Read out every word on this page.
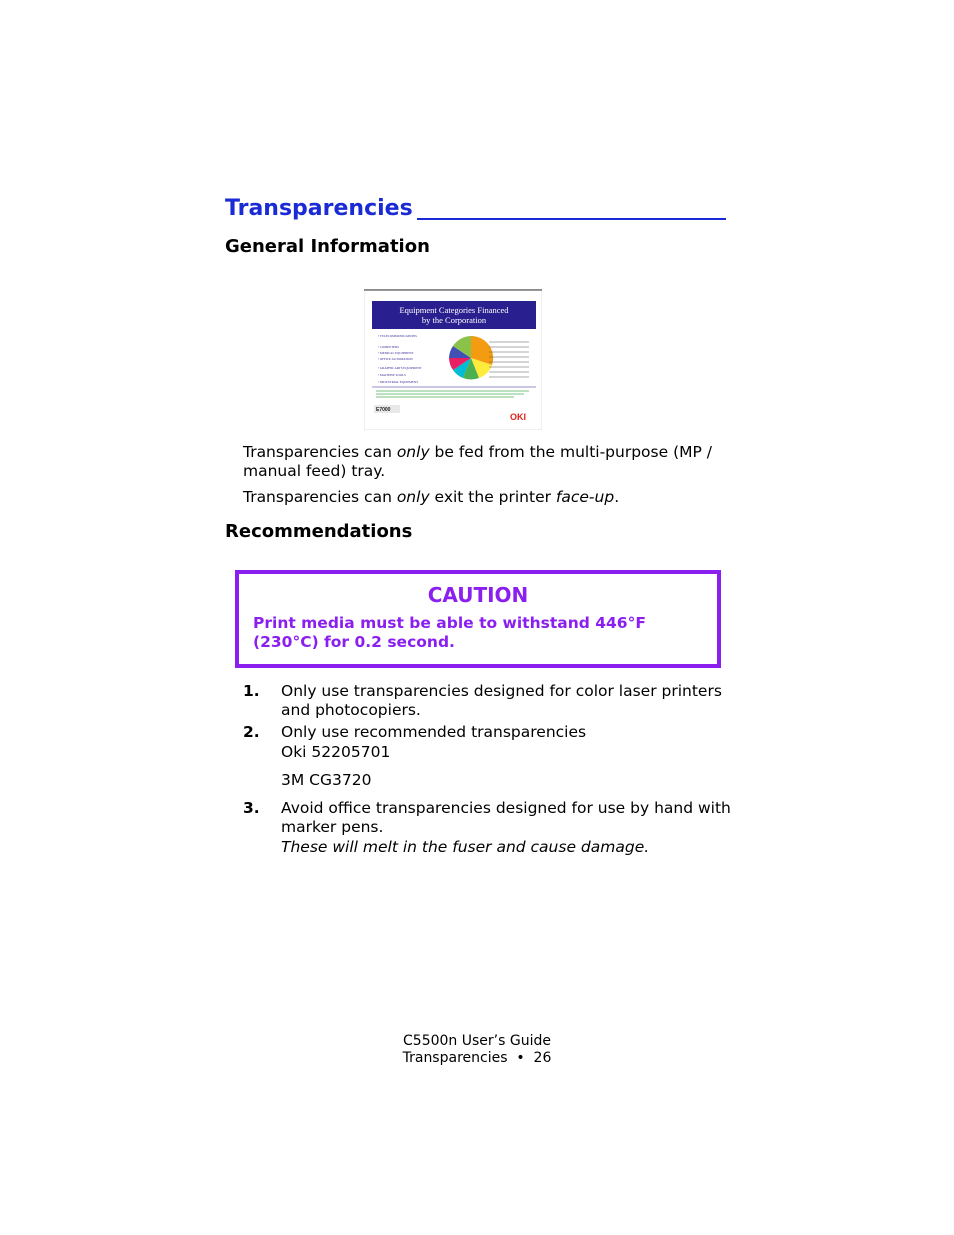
Transparencies
General Information
Equipment Categories Financed
by the Corporation
• TELECOMMUNICATIONS
• COMPUTERS
• MEDICAL EQUIPMENT
• OFFICE AUTOMATION
• GRAPHIC ARTS EQUIPMENT
• MACHINE TOOLS
• INDUSTRIAL EQUIPMENT
E7000
OKI
Transparencies can only be fed from the multi-purpose (MP / manual feed) tray.
Transparencies can only exit the printer face-up.
Recommendations
CAUTION
Print media must be able to withstand 446°F (230°C) for 0.2 second.
1. Only use transparencies designed for color laser printers and photocopiers.
2. Only use recommended transparencies
Oki 52205701
3M CG3720
3. Avoid office transparencies designed for use by hand with marker pens.
These will melt in the fuser and cause damage.
C5500n User’s Guide
Transparencies  •  26
